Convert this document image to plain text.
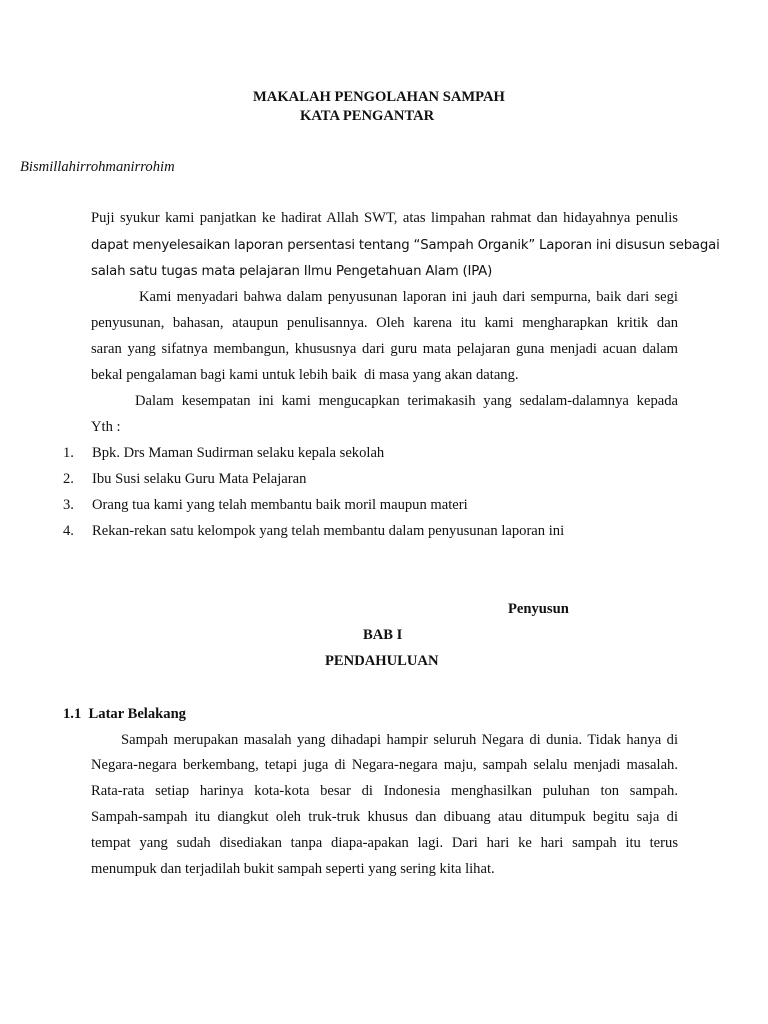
MAKALAH PENGOLAHAN SAMPAH
KATA PENGANTAR
Bismillahirrohmanirrohim
Puji syukur kami panjatkan ke hadirat Allah SWT, atas limpahan rahmat dan hidayahnya penulis
dapat menyelesaikan laporan persentasi tentang “Sampah Organik” Laporan ini disusun sebagai
salah satu tugas mata pelajaran Ilmu Pengetahuan Alam (IPA)
Kami menyadari bahwa dalam penyusunan laporan ini jauh dari sempurna, baik dari segi
penyusunan, bahasan, ataupun penulisannya. Oleh karena itu kami mengharapkan kritik dan
saran yang sifatnya membangun, khususnya dari guru mata pelajaran guna menjadi acuan dalam
bekal pengalaman bagi kami untuk lebih baik  di masa yang akan datang.
Dalam kesempatan ini kami mengucapkan terimakasih yang sedalam-dalamnya kepada
Yth :
1. Bpk. Drs Maman Sudirman selaku kepala sekolah
2. Ibu Susi selaku Guru Mata Pelajaran
3. Orang tua kami yang telah membantu baik moril maupun materi
4. Rekan-rekan satu kelompok yang telah membantu dalam penyusunan laporan ini
Penyusun
BAB I
PENDAHULUAN
1.1  Latar Belakang
Sampah merupakan masalah yang dihadapi hampir seluruh Negara di dunia. Tidak hanya di
Negara-negara berkembang, tetapi juga di Negara-negara maju, sampah selalu menjadi masalah.
Rata-rata setiap harinya kota-kota besar di Indonesia menghasilkan puluhan ton sampah.
Sampah-sampah itu diangkut oleh truk-truk khusus dan dibuang atau ditumpuk begitu saja di
tempat yang sudah disediakan tanpa diapa-apakan lagi. Dari hari ke hari sampah itu terus
menumpuk dan terjadilah bukit sampah seperti yang sering kita lihat.
